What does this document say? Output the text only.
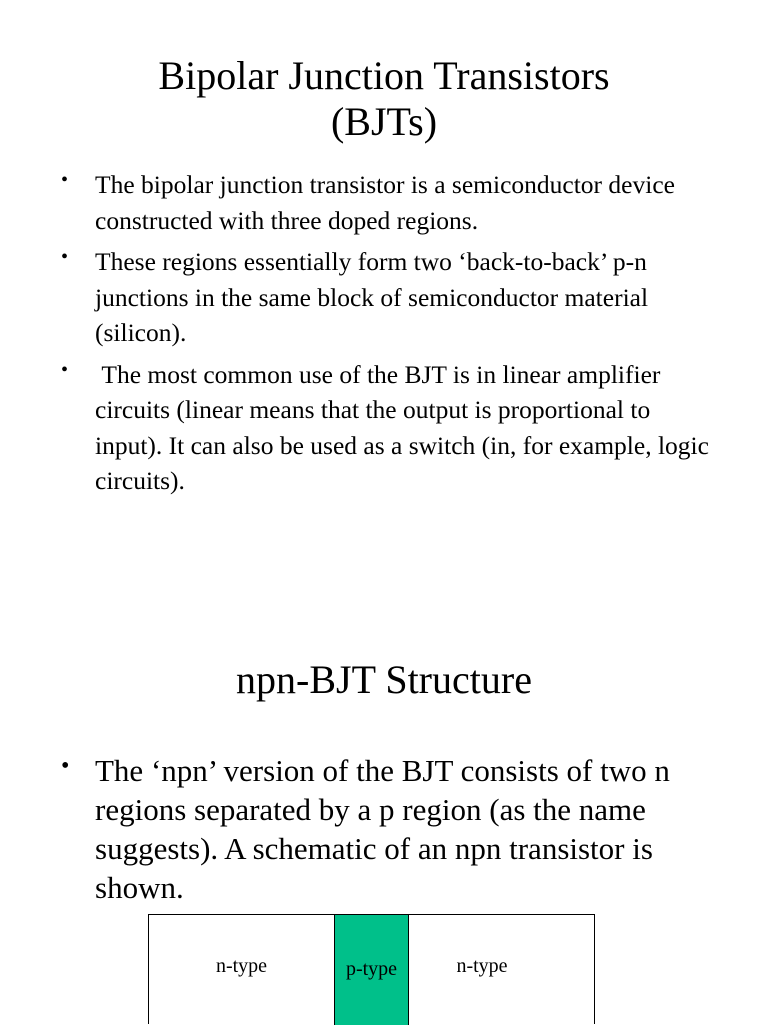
Bipolar Junction Transistors
(BJTs)
• The bipolar junction transistor is a semiconductor device constructed with three doped regions.
• These regions essentially form two ‘back-to-back’ p-n junctions in the same block of semiconductor material (silicon).
• The most common use of the BJT is in linear amplifier circuits (linear means that the output is proportional to input). It can also be used as a switch (in, for example, logic circuits).
npn-BJT Structure
• The ‘npn’ version of the BJT consists of two n regions separated by a p region (as the name suggests). A schematic of an npn transistor is shown.
n-type	p-type	n-type
